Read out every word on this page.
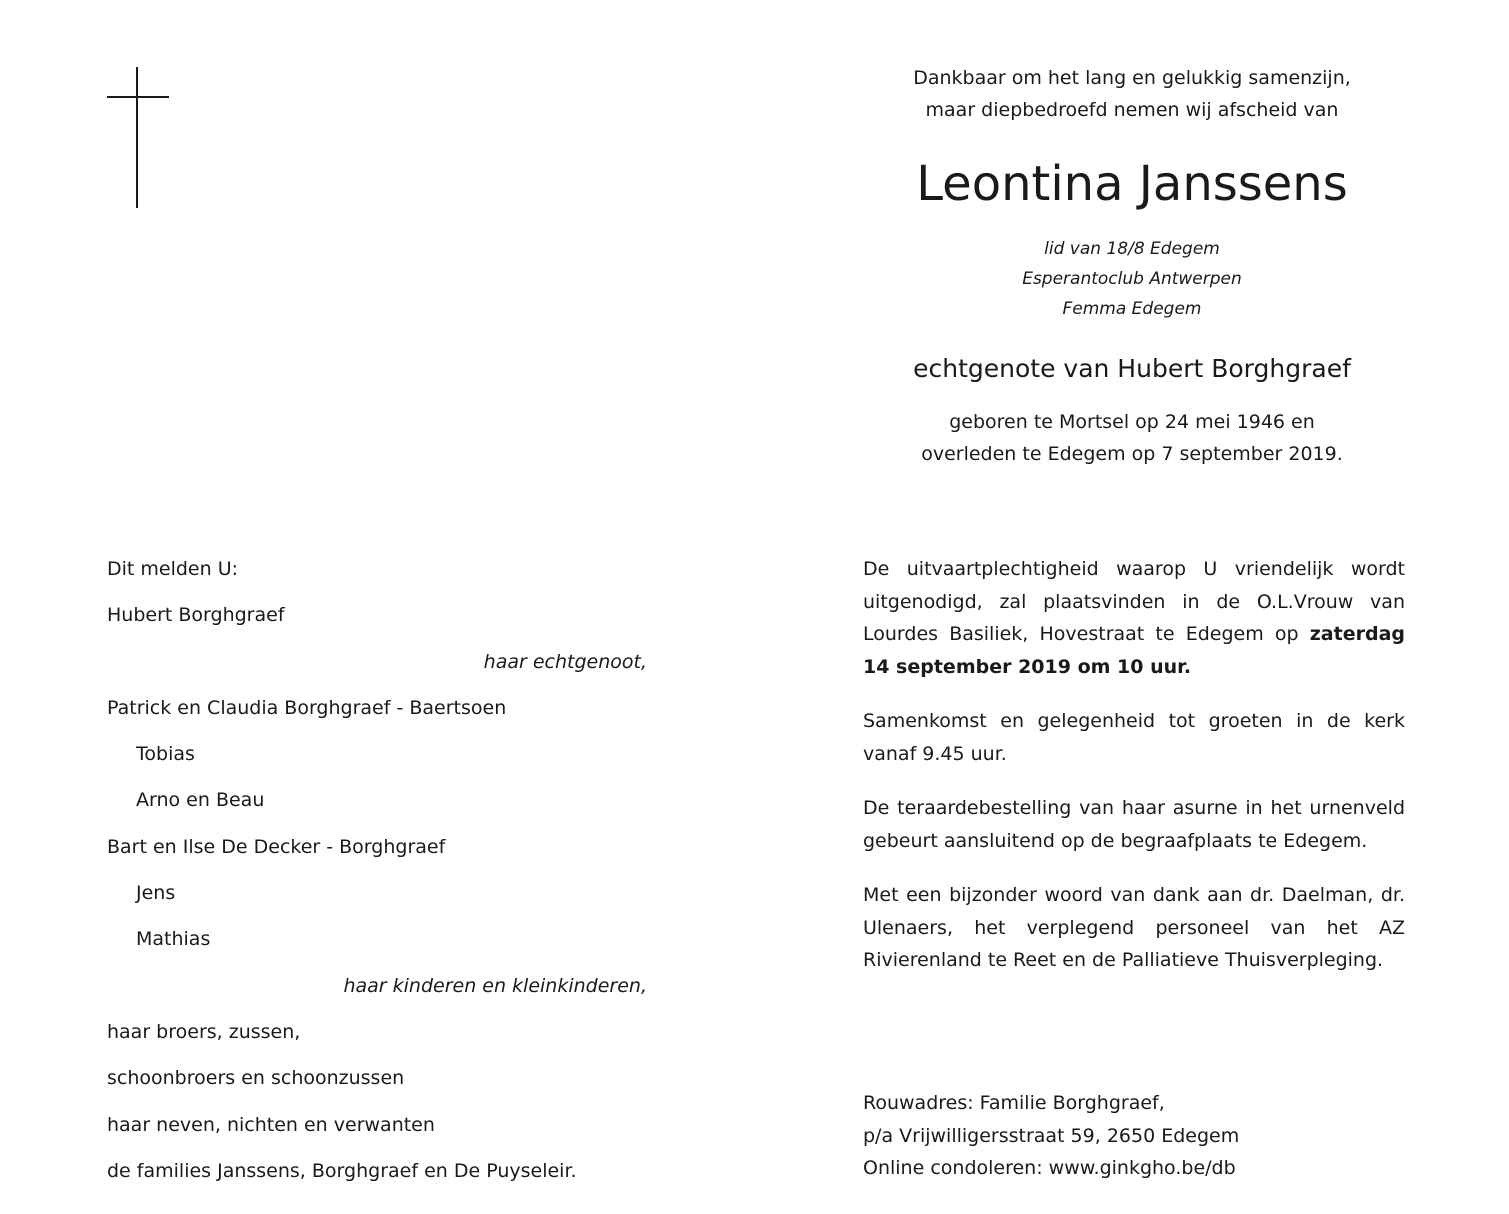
Dankbaar om het lang en gelukkig samenzijn,
maar diepbedroefd nemen wij afscheid van
Leontina Janssens
lid van 18/8 Edegem
Esperantoclub Antwerpen
Femma Edegem
echtgenote van Hubert Borghgraef
geboren te Mortsel op 24 mei 1946 en
overleden te Edegem op 7 september 2019.
Dit melden U:
Hubert Borghgraef
haar echtgenoot,
Patrick en Claudia Borghgraef - Baertsoen
Tobias
Arno en Beau
Bart en Ilse De Decker - Borghgraef
Jens
Mathias
haar kinderen en kleinkinderen,
haar broers, zussen,
schoonbroers en schoonzussen
haar neven, nichten en verwanten
de families Janssens, Borghgraef en De Puyseleir.

De uitvaartplechtigheid waarop U vriendelijk wordt uitgenodigd, zal plaatsvinden in de O.L.Vrouw van Lourdes Basiliek, Hovestraat te Edegem op zaterdag 14 september 2019 om 10 uur.

Samenkomst en gelegenheid tot groeten in de kerk vanaf 9.45 uur.

De teraardebestelling van haar asurne in het urnenveld gebeurt aansluitend op de begraafplaats te Edegem.

Met een bijzonder woord van dank aan dr. Daelman, dr. Ulenaers, het verplegend personeel van het AZ Rivierenland te Reet en de Palliatieve Thuisverpleging.

Rouwadres: Familie Borghgraef,
p/a Vrijwilligersstraat 59, 2650 Edegem
Online condoleren: www.ginkgho.be/db
